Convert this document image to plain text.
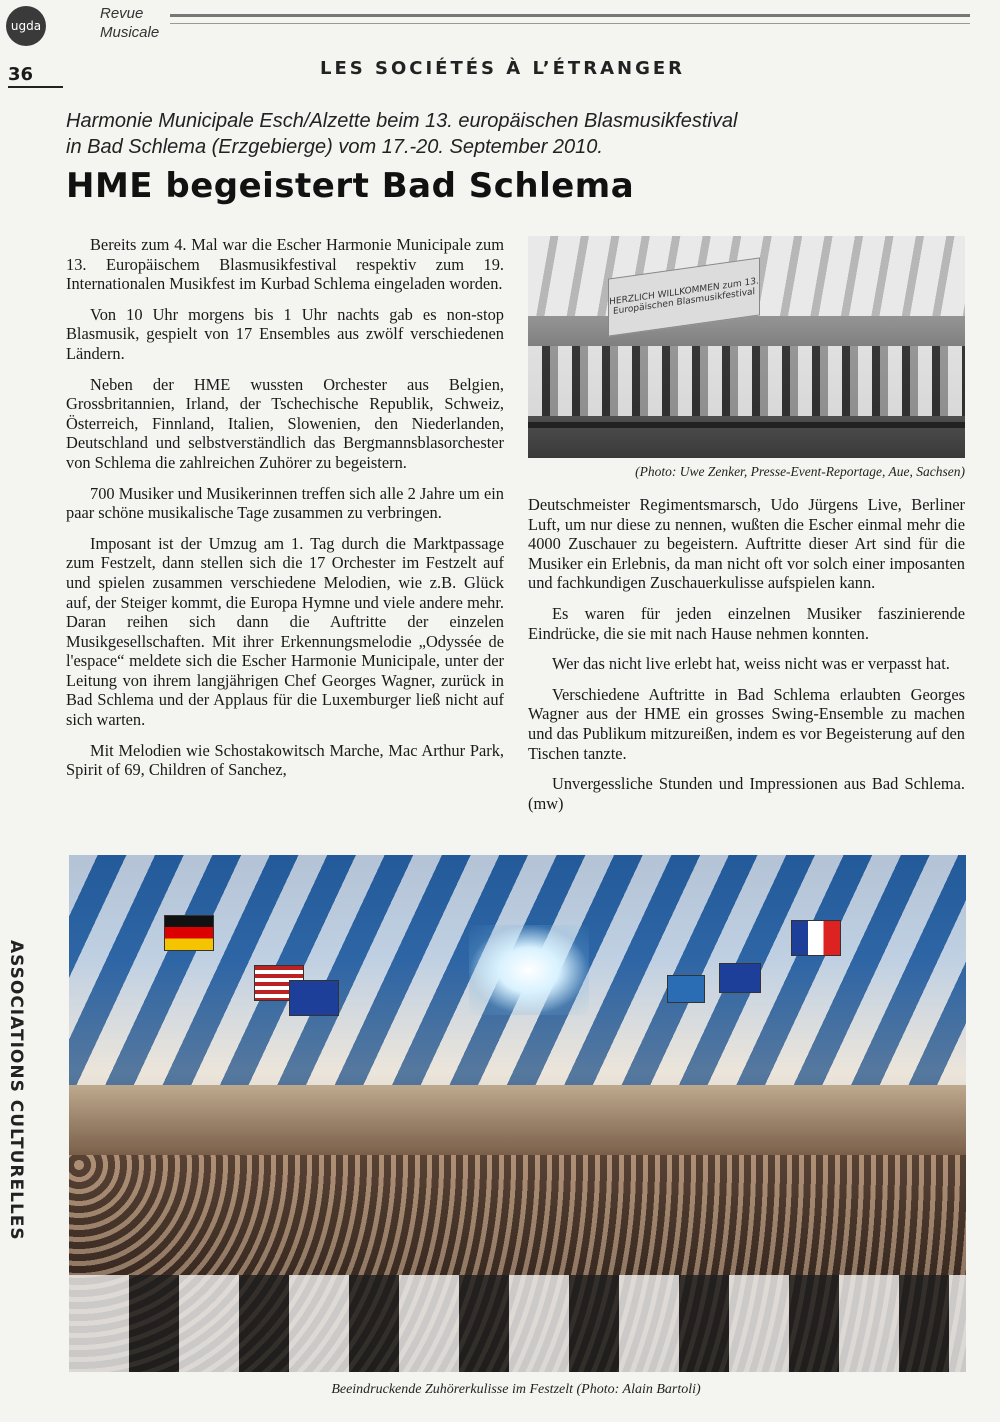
ugda
Revue
Musicale
36	LES SOCIÉTÉS À L’ÉTRANGER
ASSOCIATIONS CULTURELLES
Harmonie Municipale Esch/Alzette beim 13. europäischen Blasmusikfestival
in Bad Schlema (Erzgebierge) vom 17.-20. September 2010.
HME begeistert Bad Schlema

Bereits zum 4. Mal war die Escher Harmonie Municipale zum 13. Europäischem Blasmusikfestival respektiv zum 19. Internationalen Musikfest im Kurbad Schlema eingeladen worden.

Von 10 Uhr morgens bis 1 Uhr nachts gab es non-stop Blasmusik, gespielt von 17 Ensembles aus zwölf verschiedenen Ländern.

Neben der HME wussten Orchester aus Belgien, Grossbritannien, Irland, der Tschechische Republik, Schweiz, Österreich, Finnland, Italien, Slowenien, den Niederlanden, Deutschland und selbstverständlich das Bergmannsblasorchester von Schlema die zahlreichen Zuhörer zu begeistern.

700 Musiker und Musikerinnen treffen sich alle 2 Jahre um ein paar schöne musikalische Tage zusammen zu verbringen.

Imposant ist der Umzug am 1. Tag durch die Marktpassage zum Festzelt, dann stellen sich die 17 Orchester im Festzelt auf und spielen zusammen verschiedene Melodien, wie z.B. Glück auf, der Steiger kommt, die Europa Hymne und viele andere mehr. Daran reihen sich dann die Auftritte der einzelen Musikgesellschaften. Mit ihrer Erkennungsmelodie „Odyssée de l'espace“ meldete sich die Escher Harmonie Municipale, unter der Leitung von ihrem langjährigen Chef Georges Wagner, zurück in Bad Schlema und der Applaus für die Luxemburger ließ nicht auf sich warten.

Mit Melodien wie Schostakowitsch Marche, Mac Arthur Park, Spirit of 69, Children of Sanchez,

HERZLICH WILLKOMMEN zum 13. Europäischen Blasmusikfestival
(Photo: Uwe Zenker, Presse-Event-Reportage, Aue, Sachsen)

Deutschmeister Regimentsmarsch, Udo Jürgens Live, Berliner Luft, um nur diese zu nennen, wußten die Escher einmal mehr die 4000 Zuschauer zu begeistern. Auftritte dieser Art sind für die Musiker ein Erlebnis, da man nicht oft vor solch einer imposanten und fachkundigen Zuschauerkulisse aufspielen kann.

Es waren für jeden einzelnen Musiker faszinierende Eindrücke, die sie mit nach Hause nehmen konnten.

Wer das nicht live erlebt hat, weiss nicht was er verpasst hat.

Verschiedene Auftritte in Bad Schlema erlaubten Georges Wagner aus der HME ein grosses Swing-Ensemble zu machen und das Publikum mitzureißen, indem es vor Begeisterung auf den Tischen tanzte.

Unvergessliche Stunden und Impressionen aus Bad Schlema. (mw)

Beeindruckende Zuhörerkulisse im Festzelt (Photo: Alain Bartoli)
